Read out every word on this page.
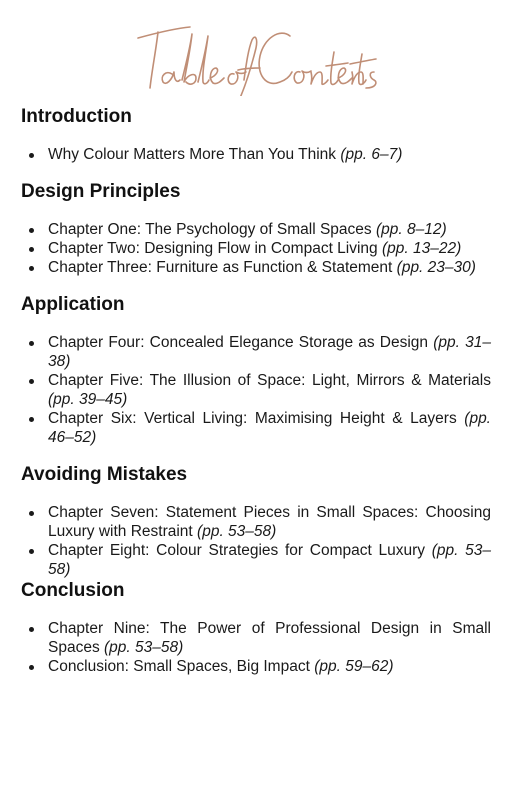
Introduction
Why Colour Matters More Than You Think (pp. 6–7)
Design Principles
Chapter One: The Psychology of Small Spaces (pp. 8–12)
Chapter Two: Designing Flow in Compact Living (pp. 13–22)
Chapter Three: Furniture as Function & Statement (pp. 23–30)
Application
Chapter Four: Concealed Elegance Storage as Design (pp. 31–38)
Chapter Five: The Illusion of Space: Light, Mirrors & Materials (pp. 39–45)
Chapter Six: Vertical Living: Maximising Height & Layers (pp. 46–52)
Avoiding Mistakes
Chapter Seven: Statement Pieces in Small Spaces: Choosing Luxury with Restraint (pp. 53–58)
Chapter Eight: Colour Strategies for Compact Luxury (pp. 53–58)
Conclusion
Chapter Nine: The Power of Professional Design in Small Spaces (pp. 53–58)
Conclusion: Small Spaces, Big Impact (pp. 59–62)
